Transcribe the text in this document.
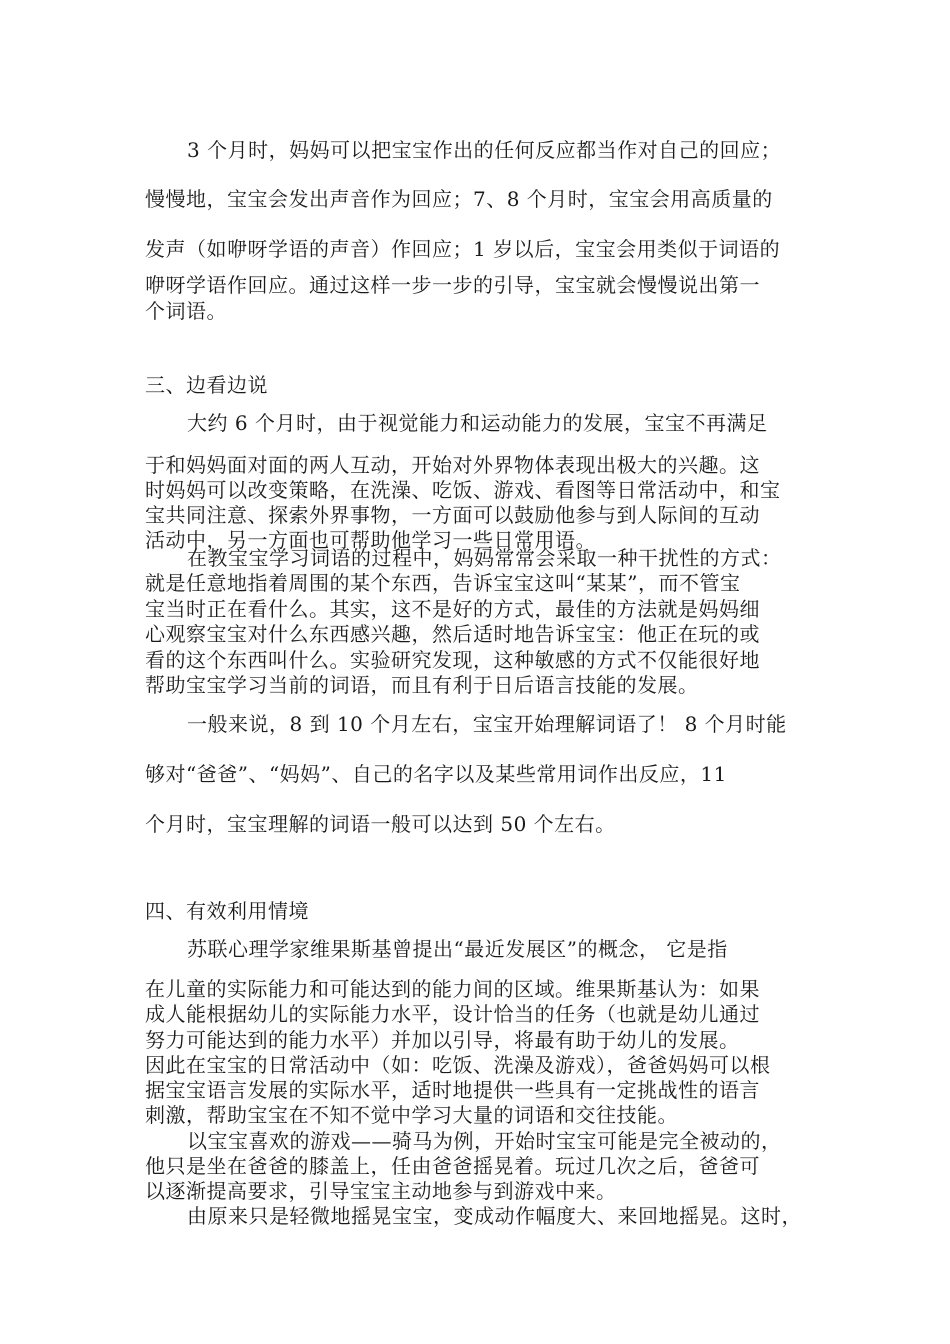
3 个月时，妈妈可以把宝宝作出的任何反应都当作对自己的回应；
慢慢地，宝宝会发出声音作为回应；7、8 个月时，宝宝会用高质量的
发声（如咿呀学语的声音）作回应；1 岁以后，宝宝会用类似于词语的
咿呀学语作回应。通过这样一步一步的引导，宝宝就会慢慢说出第一
个词语。
三、边看边说
大约 6 个月时，由于视觉能力和运动能力的发展，宝宝不再满足
于和妈妈面对面的两人互动，开始对外界物体表现出极大的兴趣。这
时妈妈可以改变策略，在洗澡、吃饭、游戏、看图等日常活动中，和宝
宝共同注意、探索外界事物，一方面可以鼓励他参与到人际间的互动
活动中，另一方面也可帮助他学习一些日常用语。
在教宝宝学习词语的过程中，妈妈常常会采取一种干扰性的方式：
就是任意地指着周围的某个东西，告诉宝宝这叫“某某”，而不管宝
宝当时正在看什么。其实，这不是好的方式，最佳的方法就是妈妈细
心观察宝宝对什么东西感兴趣，然后适时地告诉宝宝：他正在玩的或
看的这个东西叫什么。实验研究发现，这种敏感的方式不仅能很好地
帮助宝宝学习当前的词语，而且有利于日后语言技能的发展。
一般来说，8 到 10 个月左右，宝宝开始理解词语了！ 8 个月时能
够对“爸爸”、“妈妈”、自己的名字以及某些常用词作出反应，11
个月时，宝宝理解的词语一般可以达到 50 个左右。
四、有效利用情境
苏联心理学家维果斯基曾提出“最近发展区”的概念， 它是指
在儿童的实际能力和可能达到的能力间的区域。维果斯基认为：如果
成人能根据幼儿的实际能力水平，设计恰当的任务（也就是幼儿通过
努力可能达到的能力水平）并加以引导，将最有助于幼儿的发展。
因此在宝宝的日常活动中（如：吃饭、洗澡及游戏），爸爸妈妈可以根
据宝宝语言发展的实际水平，适时地提供一些具有一定挑战性的语言
刺激，帮助宝宝在不知不觉中学习大量的词语和交往技能。
以宝宝喜欢的游戏——骑马为例，开始时宝宝可能是完全被动的，
他只是坐在爸爸的膝盖上，任由爸爸摇晃着。玩过几次之后，爸爸可
以逐渐提高要求，引导宝宝主动地参与到游戏中来。
由原来只是轻微地摇晃宝宝，变成动作幅度大、来回地摇晃。这时，
